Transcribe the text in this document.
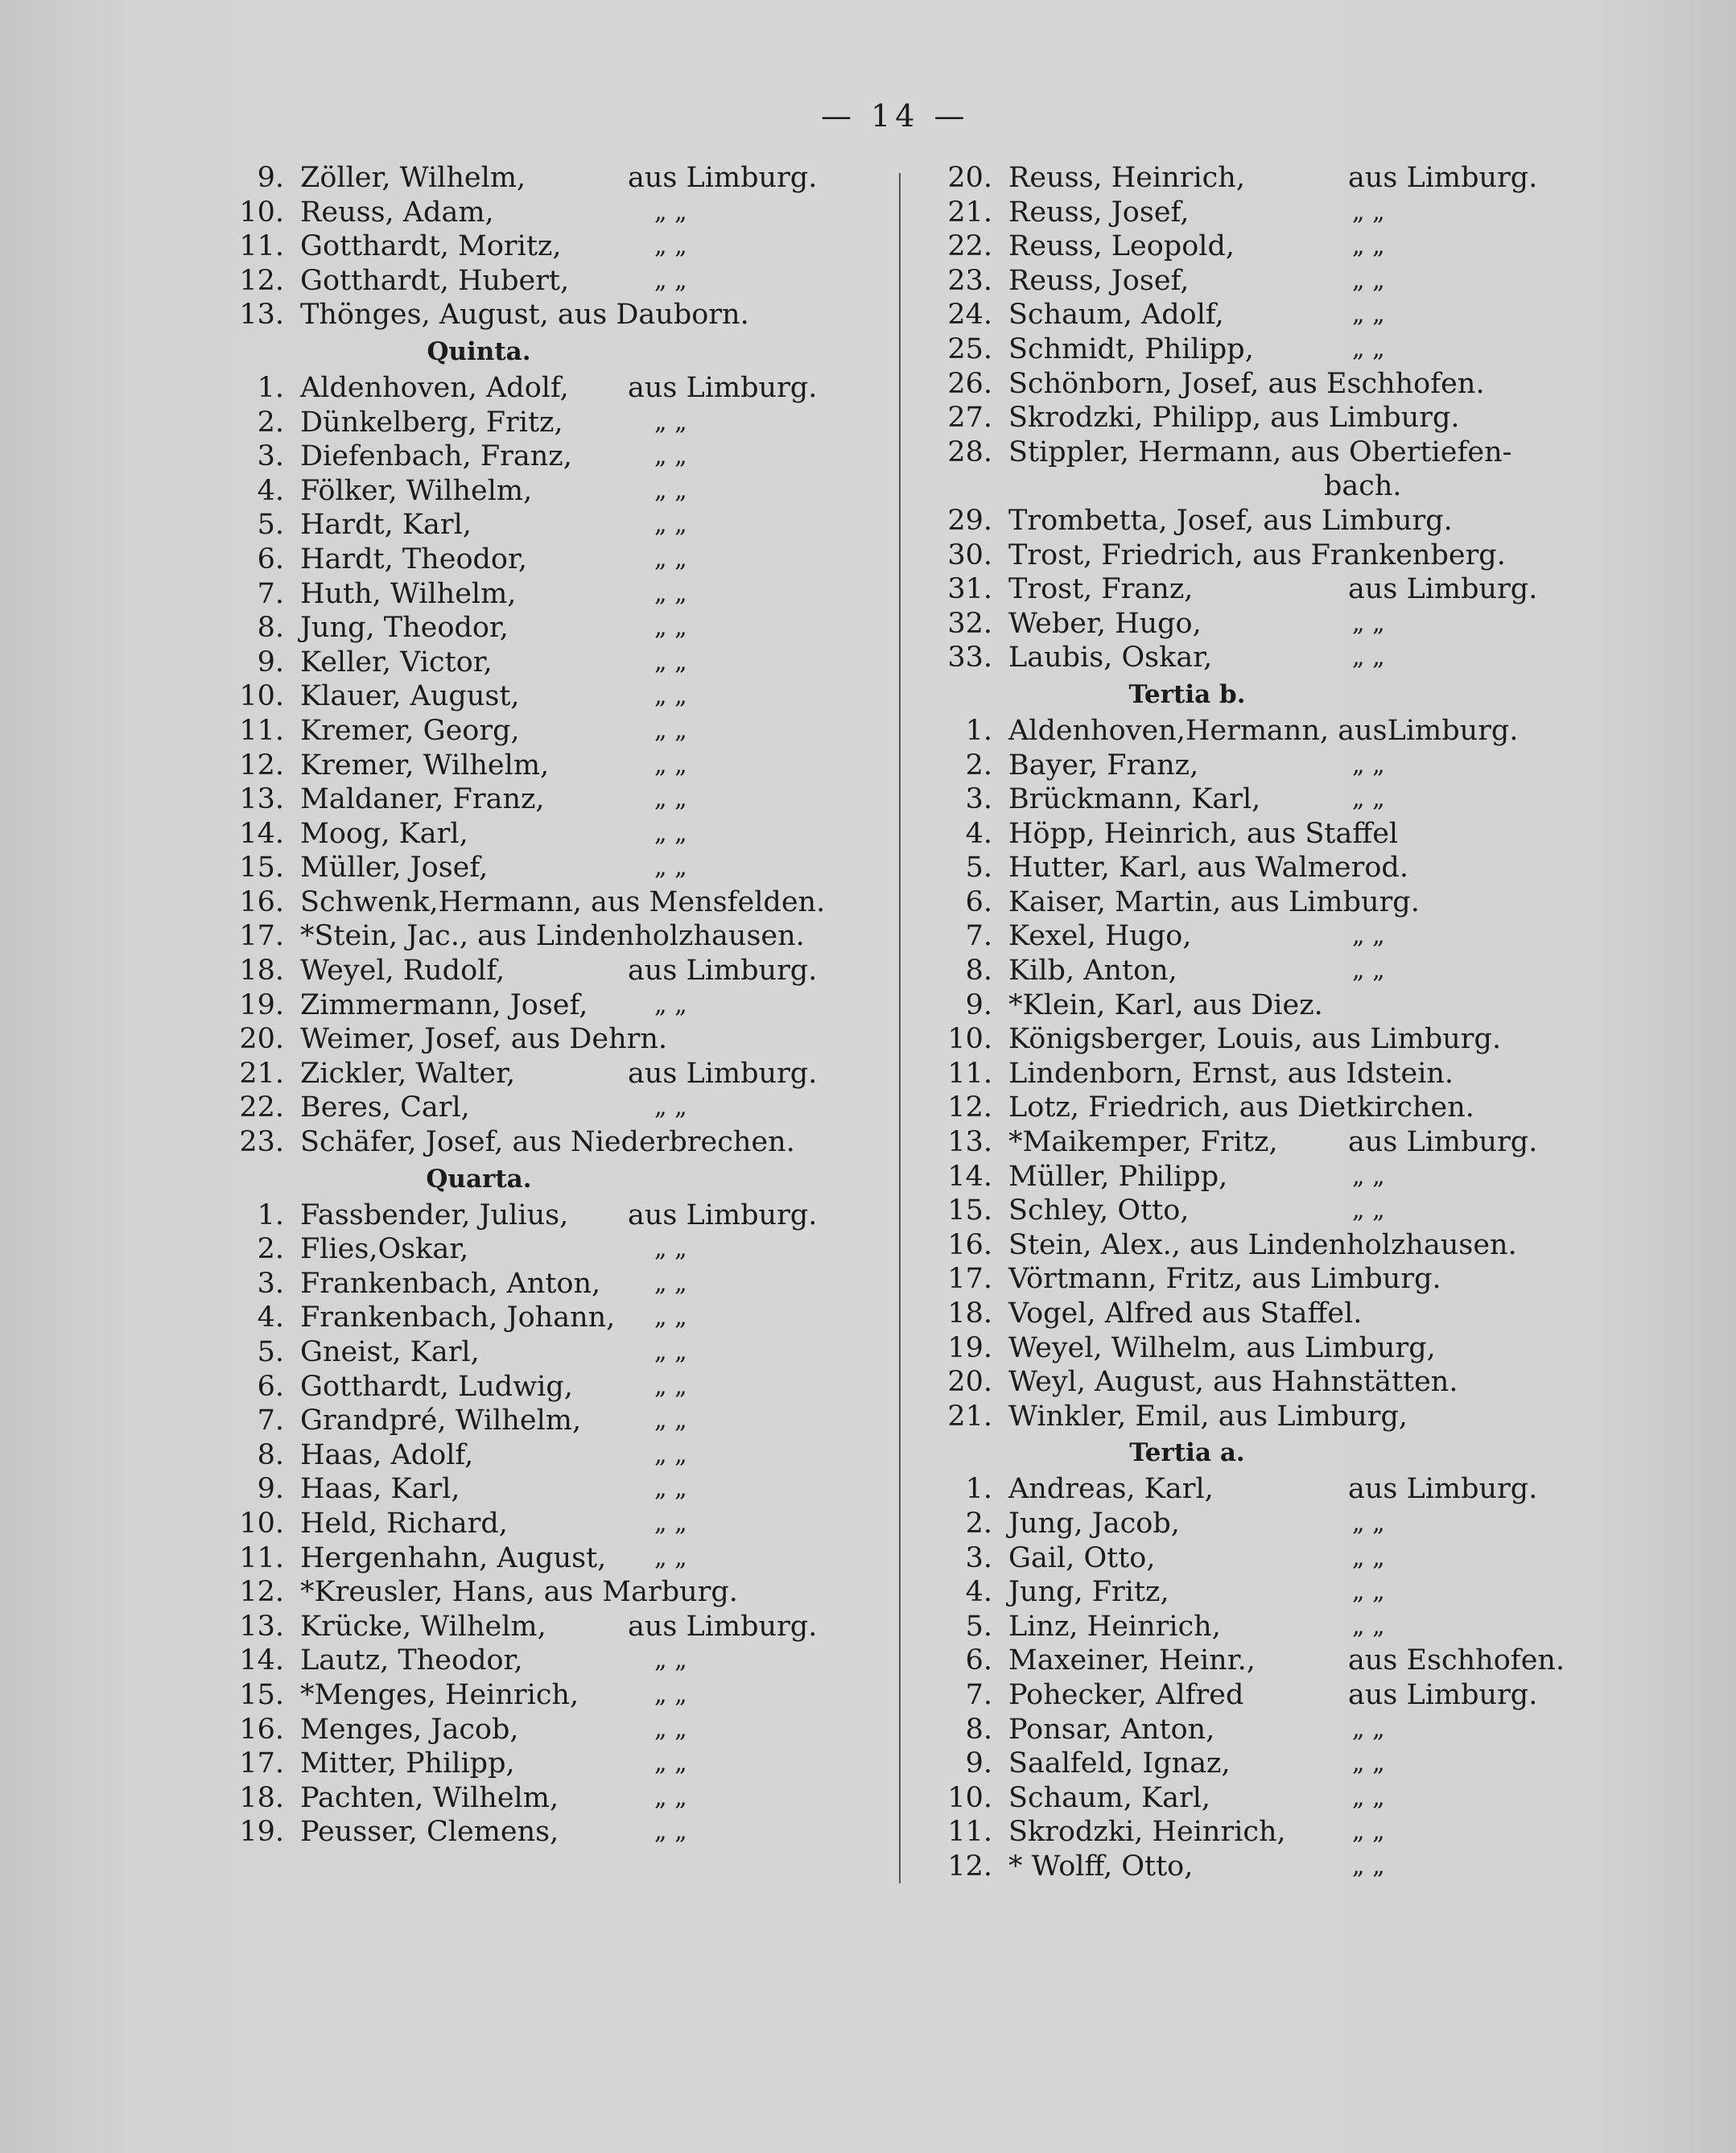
— 14 —
9. Zöller, Wilhelm,	aus Limburg.
10. Reuss, Adam,	„ „
11. Gotthardt, Moritz,	„ „
12. Gotthardt, Hubert,	„ „
13. Thönges, August, aus Dauborn.
Quinta.
1. Aldenhoven, Adolf, aus Limburg.
2. Dünkelberg, Fritz,	„ „
3. Diefenbach, Franz,	„ „
4. Fölker, Wilhelm,	„ „
5. Hardt, Karl,	„ „
6. Hardt, Theodor,	„ „
7. Huth, Wilhelm,	„ „
8. Jung, Theodor,	„ „
9. Keller, Victor,	„ „
10. Klauer, August,	„ „
11. Kremer, Georg,	„ „
12. Kremer, Wilhelm,	„ „
13. Maldaner, Franz,	„ „
14. Moog, Karl,	„ „
15. Müller, Josef,	„ „
16. Schwenk,Hermann, aus Mensfelden.
17. *Stein, Jac., aus Lindenholzhausen.
18. Weyel, Rudolf,	aus Limburg.
19. Zimmermann, Josef,	„ „
20. Weimer, Josef, aus Dehrn.
21. Zickler, Walter,	aus Limburg.
22. Beres, Carl,	„ „
23. Schäfer, Josef, aus Niederbrechen.
Quarta.
1. Fassbender, Julius, aus Limburg.
2. Flies,Oskar,	„ „
3. Frankenbach, Anton, „ „
4. Frankenbach, Johann, „ „
5. Gneist, Karl,	„ „
6. Gotthardt, Ludwig,	„ „
7. Grandpré, Wilhelm,	„ „
8. Haas, Adolf,	„ „
9. Haas, Karl,	„ „
10. Held, Richard,	„ „
11. Hergenhahn, August, „ „
12. *Kreusler, Hans, aus Marburg.
13. Krücke, Wilhelm,	aus Limburg.
14. Lautz, Theodor,	„ „
15. *Menges, Heinrich,	„ „
16. Menges, Jacob,	„ „
17. Mitter, Philipp,	„ „
18. Pachten, Wilhelm,	„ „
19. Peusser, Clemens,	„ „
20. Reuss, Heinrich,	aus Limburg.
21. Reuss, Josef,	„ „
22. Reuss, Leopold,	„ „
23. Reuss, Josef,	„ „
24. Schaum, Adolf,	„ „
25. Schmidt, Philipp,	„ „
26. Schönborn, Josef, aus Eschhofen.
27. Skrodzki, Philipp, aus Limburg.
28. Stippler, Hermann, aus Obertiefen-
bach.
29. Trombetta, Josef, aus Limburg.
30. Trost, Friedrich, aus Frankenberg.
31. Trost, Franz,	aus Limburg.
32. Weber, Hugo,	„ „
33. Laubis, Oskar,	„ „
Tertia b.
1. Aldenhoven,Hermann, ausLimburg.
2. Bayer, Franz,	„ „
3. Brückmann, Karl,	„ „
4. Höpp, Heinrich, aus Staffel
5. Hutter, Karl, aus Walmerod.
6. Kaiser, Martin, aus Limburg.
7. Kexel, Hugo,	„ „
8. Kilb, Anton,	„ „
9. *Klein, Karl, aus Diez.
10. Königsberger, Louis, aus Limburg.
11. Lindenborn, Ernst, aus Idstein.
12. Lotz, Friedrich, aus Dietkirchen.
13. *Maikemper, Fritz, aus Limburg.
14. Müller, Philipp,	„ „
15. Schley, Otto,	„ „
16. Stein, Alex., aus Lindenholzhausen.
17. Vörtmann, Fritz, aus Limburg.
18. Vogel, Alfred aus Staffel.
19. Weyel, Wilhelm, aus Limburg,
20. Weyl, August, aus Hahnstätten.
21. Winkler, Emil, aus Limburg,
Tertia a.
1. Andreas, Karl,	aus Limburg.
2. Jung, Jacob,	„ „
3. Gail, Otto,	„ „
4. Jung, Fritz,	„ „
5. Linz, Heinrich,	„ „
6. Maxeiner, Heinr.,	aus Eschhofen.
7. Pohecker, Alfred	aus Limburg.
8. Ponsar, Anton,	„ „
9. Saalfeld, Ignaz,	„ „
10. Schaum, Karl,	„ „
11. Skrodzki, Heinrich,	„ „
12. * Wolff, Otto,	„ „
